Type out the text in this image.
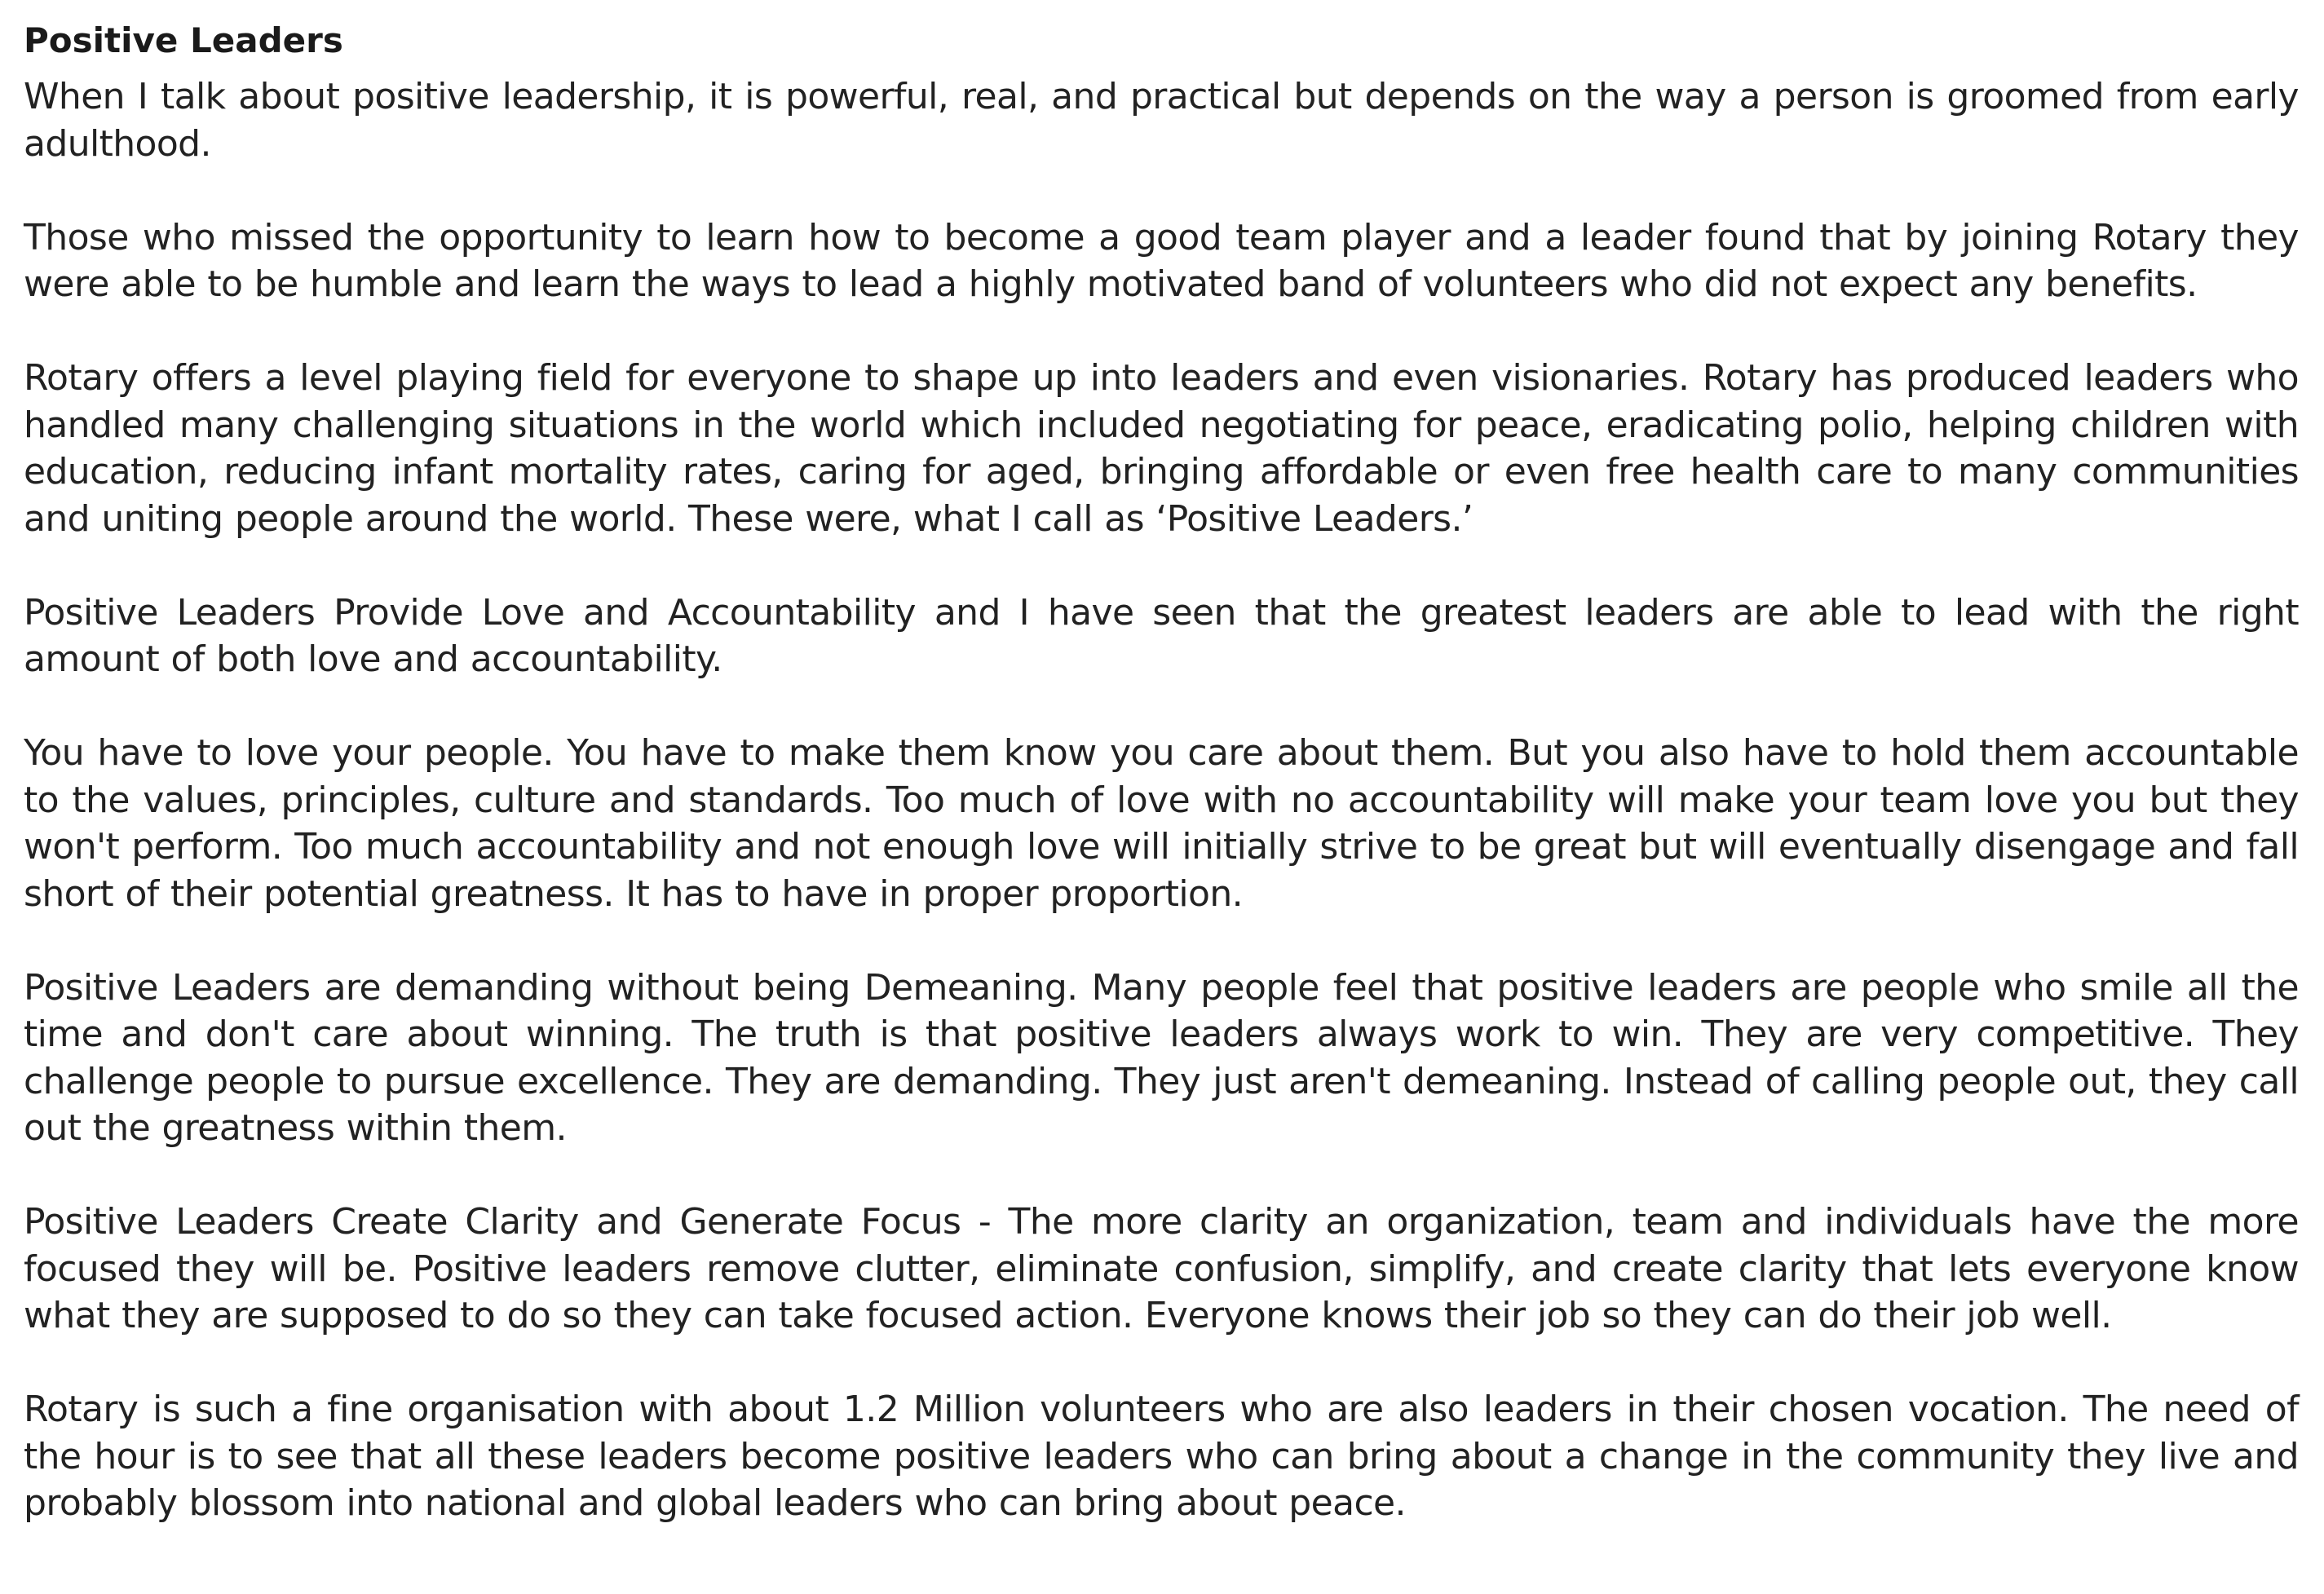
Positive Leaders

When I talk about positive leadership, it is powerful, real, and practical but depends on the way a person is groomed from early adulthood.

Those who missed the opportunity to learn how to become a good team player and a leader found that by joining Rotary they were able to be humble and learn the ways to lead a highly motivated band of volunteers who did not expect any benefits.

Rotary offers a level playing field for everyone to shape up into leaders and even visionaries. Rotary has produced leaders who handled many challenging situations in the world which included negotiating for peace, eradicating polio, helping children with education, reducing infant mortality rates, caring for aged, bringing affordable or even free health care to many communities and uniting people around the world. These were, what I call as ‘Positive Leaders.’

Positive Leaders Provide Love and Accountability and I have seen that the greatest leaders are able to lead with the right amount of both love and accountability.

You have to love your people. You have to make them know you care about them. But you also have to hold them accountable to the values, principles, culture and standards. Too much of love with no accountability will make your team love you but they won't perform. Too much accountability and not enough love will initially strive to be great but will eventually disengage and fall short of their potential greatness. It has to have in proper proportion.

Positive Leaders are demanding without being Demeaning. Many people feel that positive leaders are people who smile all the time and don't care about winning. The truth is that positive leaders always work to win. They are very competitive. They challenge people to pursue excellence. They are demanding. They just aren't demeaning. Instead of calling people out, they call out the greatness within them.

Positive Leaders Create Clarity and Generate Focus - The more clarity an organization, team and individuals have the more focused they will be. Positive leaders remove clutter, eliminate confusion, simplify, and create clarity that lets everyone know what they are supposed to do so they can take focused action. Everyone knows their job so they can do their job well.

Rotary is such a fine organisation with about 1.2 Million volunteers who are also leaders in their chosen vocation. The need of the hour is to see that all these leaders become positive leaders who can bring about a change in the community they live and probably blossom into national and global leaders who can bring about peace.
